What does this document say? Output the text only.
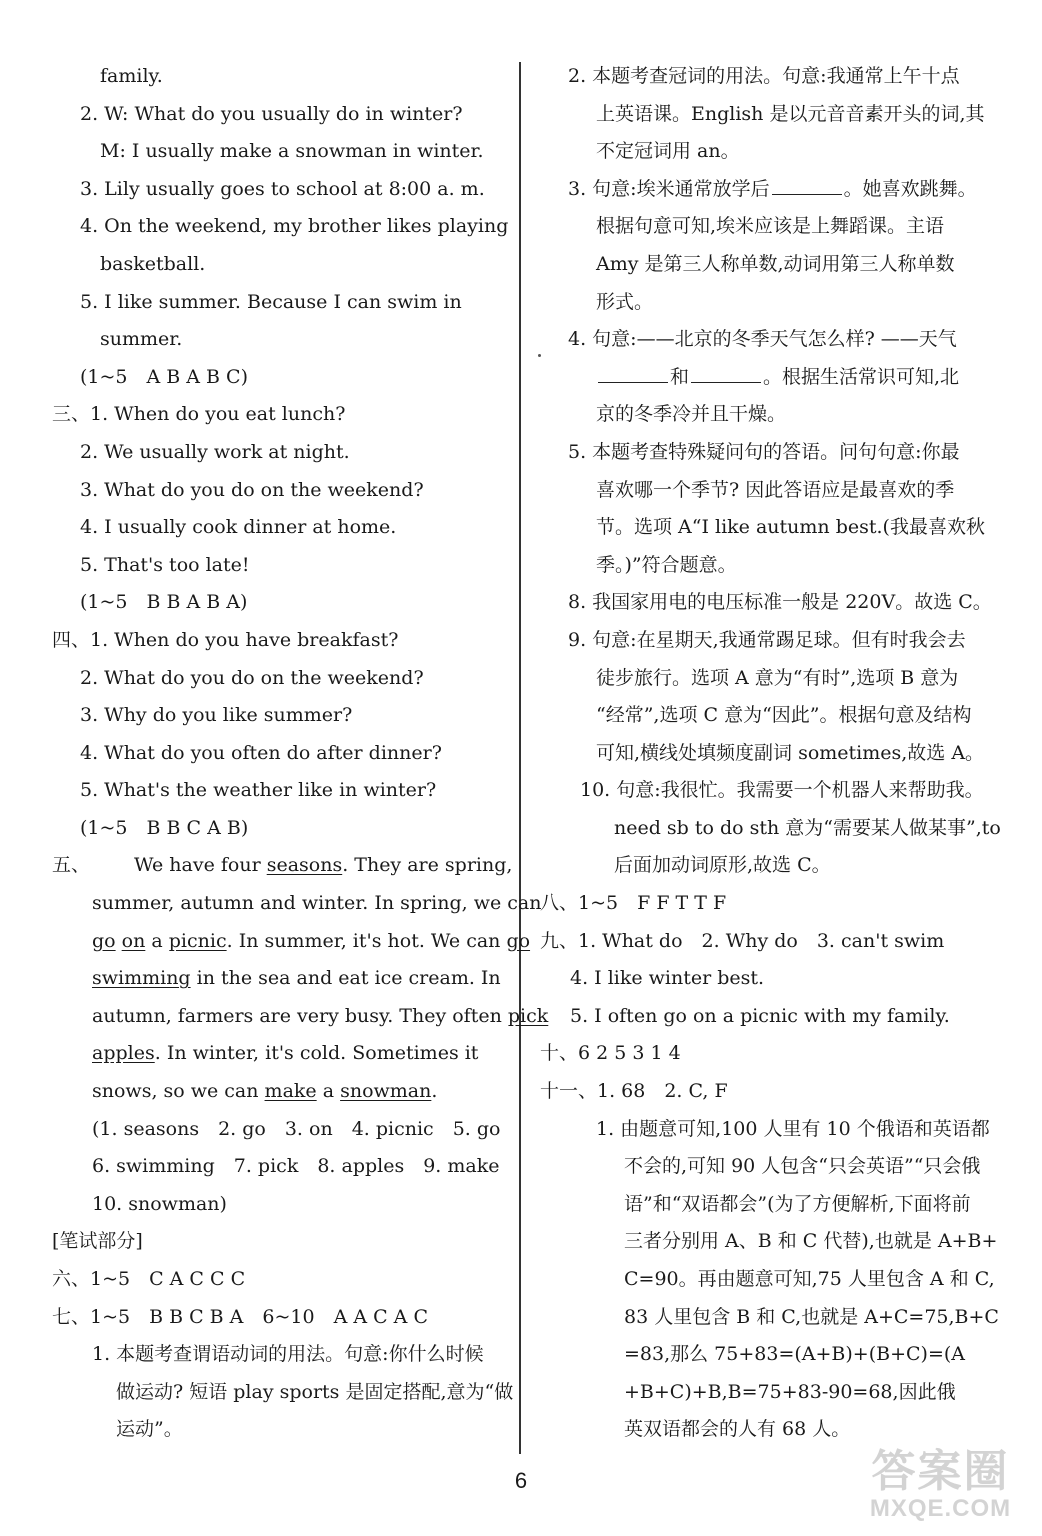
family.
2. W: What do you usually do in winter?
M: I usually make a snowman in winter.
3. Lily usually goes to school at 8:00 a. m.
4. On the weekend, my brother likes playing
basketball.
5. I like summer. Because I can swim in
summer.
(1~5　A B A B C)
三、1. When do you eat lunch?
2. We usually work at night.
3. What do you do on the weekend?
4. I usually cook dinner at home.
5. That's too late!
(1~5　B B A B A)
四、1. When do you have breakfast?
2. What do you do on the weekend?
3. Why do you like summer?
4. What do you often do after dinner?
5. What's the weather like in winter?
(1~5　B B C A B)
五、 We have four seasons. They are spring,
summer, autumn and winter. In spring, we can
go on a picnic. In summer, it's hot. We can go
swimming in the sea and eat ice cream. In
autumn, farmers are very busy. They often pick
apples. In winter, it's cold. Sometimes it
snows, so we can make a snowman.
(1. seasons　2. go　3. on　4. picnic　5. go
6. swimming　7. pick　8. apples　9. make
10. snowman)
[笔试部分]
六、1~5　C A C C C
七、1~5　B B C B A　6~10　A A C A C
1. 本题考查谓语动词的用法。句意:你什么时候
做运动? 短语 play sports 是固定搭配,意为“做
运动”。
2. 本题考查冠词的用法。句意:我通常上午十点
上英语课。English 是以元音音素开头的词,其
不定冠词用 an。
3. 句意:埃米通常放学后	。她喜欢跳舞。
根据句意可知,埃米应该是上舞蹈课。主语
Amy 是第三人称单数,动词用第三人称单数
形式。
4. 句意:——北京的冬季天气怎么样? ——天气
和	。根据生活常识可知,北
京的冬季冷并且干燥。
5. 本题考查特殊疑问句的答语。问句句意:你最
喜欢哪一个季节? 因此答语应是最喜欢的季
节。选项 A“I like autumn best.(我最喜欢秋
季。)”符合题意。
8. 我国家用电的电压标准一般是 220V。故选 C。
9. 句意:在星期天,我通常踢足球。但有时我会去
徒步旅行。选项 A 意为“有时”,选项 B 意为
“经常”,选项 C 意为“因此”。根据句意及结构
可知,横线处填频度副词 sometimes,故选 A。
10. 句意:我很忙。我需要一个机器人来帮助我。
need sb to do sth 意为“需要某人做某事”,to
后面加动词原形,故选 C。
八、1~5　F F T T F
九、1. What do　2. Why do　3. can't swim
4. I like winter best.
5. I often go on a picnic with my family.
十、6 2 5 3 1 4
十一、1. 68　2. C, F
1. 由题意可知,100 人里有 10 个俄语和英语都
不会的,可知 90 人包含“只会英语”“只会俄
语”和“双语都会”(为了方便解析,下面将前
三者分别用 A、B 和 C 代替),也就是 A+B+
C=90。再由题意可知,75 人里包含 A 和 C,
83 人里包含 B 和 C,也就是 A+C=75,B+C
=83,那么 75+83=(A+B)+(B+C)=(A
+B+C)+B,B=75+83-90=68,因此俄
英双语都会的人有 68 人。
6	答案圈
MXQE.COM
